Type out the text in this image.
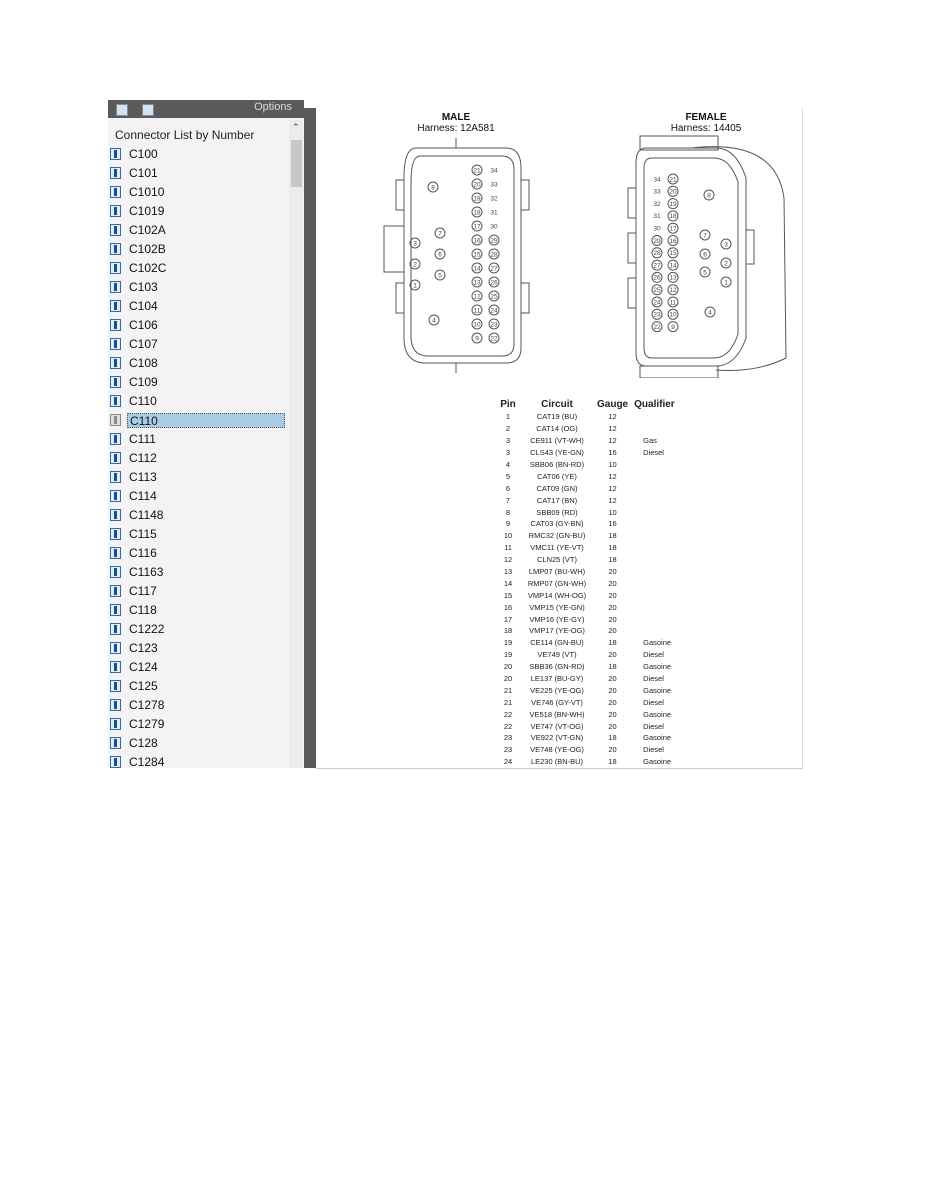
Options
Connector List by Number
C100
C101
C1010
C1019
C102A
C102B
C102C
C103
C104
C106
C107
C108
C109
C110
C110
C111
C112
C113
C114
C1148
C115
C116
C1163
C117
C118
C1222
C123
C124
C125
C1278
C1279
C128
C1284
⌃
MALE
Harness: 12A581
FEMALE
Harness: 14405
21
20
19
18
17
16
15
14
13
12
11
10
9
34
33
32
31
30
29
28
27
26
25
24
23
22
1
2
3
4
5
6
7
8
21
20
19
18
17
16
15
14
13
12
11
10
9
34
33
32
31
30
29
28
27
26
25
24
23
22
1
2
3
4
5
6
7
8
Pin	Circuit	Gauge	Qualifier
1	CAT19 (BU)	12	
2	CAT14 (OG)	12	
3	CE911 (VT-WH)	12	Gas
3	CLS43 (YE-GN)	16	Diesel
4	SBB06 (BN-RD)	10	
5	CAT06 (YE)	12	
6	CAT09 (GN)	12	
7	CAT17 (BN)	12	
8	SBB09 (RD)	10	
9	CAT03 (GY-BN)	16	
10	RMC32 (GN-BU)	18	
11	VMC11 (YE-VT)	18	
12	CLN25 (VT)	18	
13	LMP07 (BU-WH)	20	
14	RMP07 (GN-WH)	20	
15	VMP14 (WH-OG)	20	
16	VMP15 (YE-GN)	20	
17	VMP16 (YE-GY)	20	
18	VMP17 (YE-OG)	20	
19	CE114 (GN-BU)	18	Gasoine
19	VE749 (VT)	20	Diesel
20	SBB36 (GN-RD)	18	Gasoine
20	LE137 (BU-GY)	20	Diesel
21	VE225 (YE-OG)	20	Gasoine
21	VE746 (GY-VT)	20	Diesel
22	VE518 (BN-WH)	20	Gasoine
22	VE747 (VT-OG)	20	Diesel
23	VE922 (VT-GN)	18	Gasoine
23	VE748 (YE-OG)	20	Diesel
24	LE230 (BN-BU)	18	Gasoine
